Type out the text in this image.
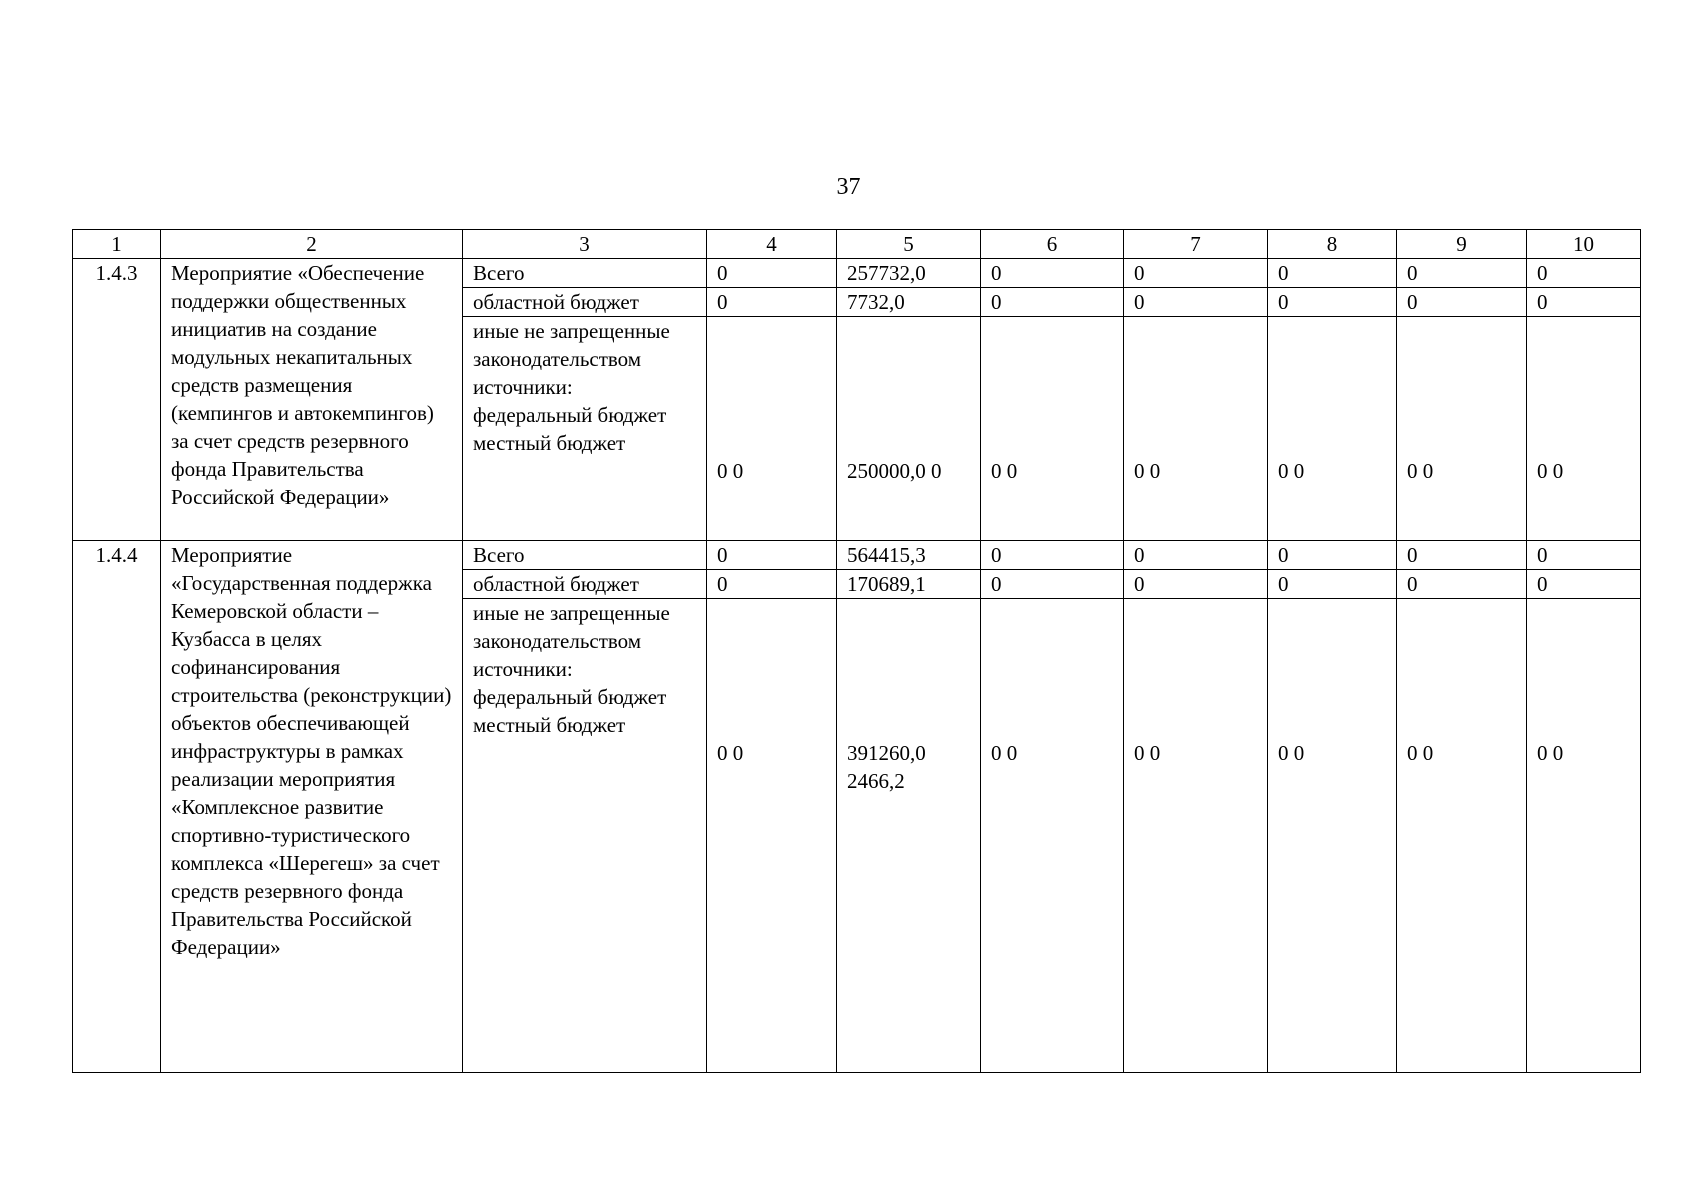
37
1	2	3	4	5	6	7	8	9	10
1.4.3	Мероприятие «Обеспечение поддержки общественных инициатив на создание модульных некапитальных средств размещения (кемпингов и автокемпингов) за счет средств резервного фонда Правительства Российской Федерации»	Всего	0	257732,0	0	0	0	0	0
		областной бюджет	0	7732,0	0	0	0	0	0
		иные не запрещенные законодательством источники: федеральный бюджет местный бюджет	0 0	250000,0 0	0 0	0 0	0 0	0 0	0 0
1.4.4	Мероприятие «Государственная поддержка Кемеровской области – Кузбасса в целях софинансирования строительства (реконструкции) объектов обеспечивающей инфраструктуры в рамках реализации мероприятия «Комплексное развитие спортивно-туристического комплекса «Шерегеш» за счет средств резервного фонда Правительства Российской Федерации»	Всего	0	564415,3	0	0	0	0	0
		областной бюджет	0	170689,1	0	0	0	0	0
		иные не запрещенные законодательством источники: федеральный бюджет местный бюджет	0 0	391260,0 2466,2	0 0	0 0	0 0	0 0	0 0
